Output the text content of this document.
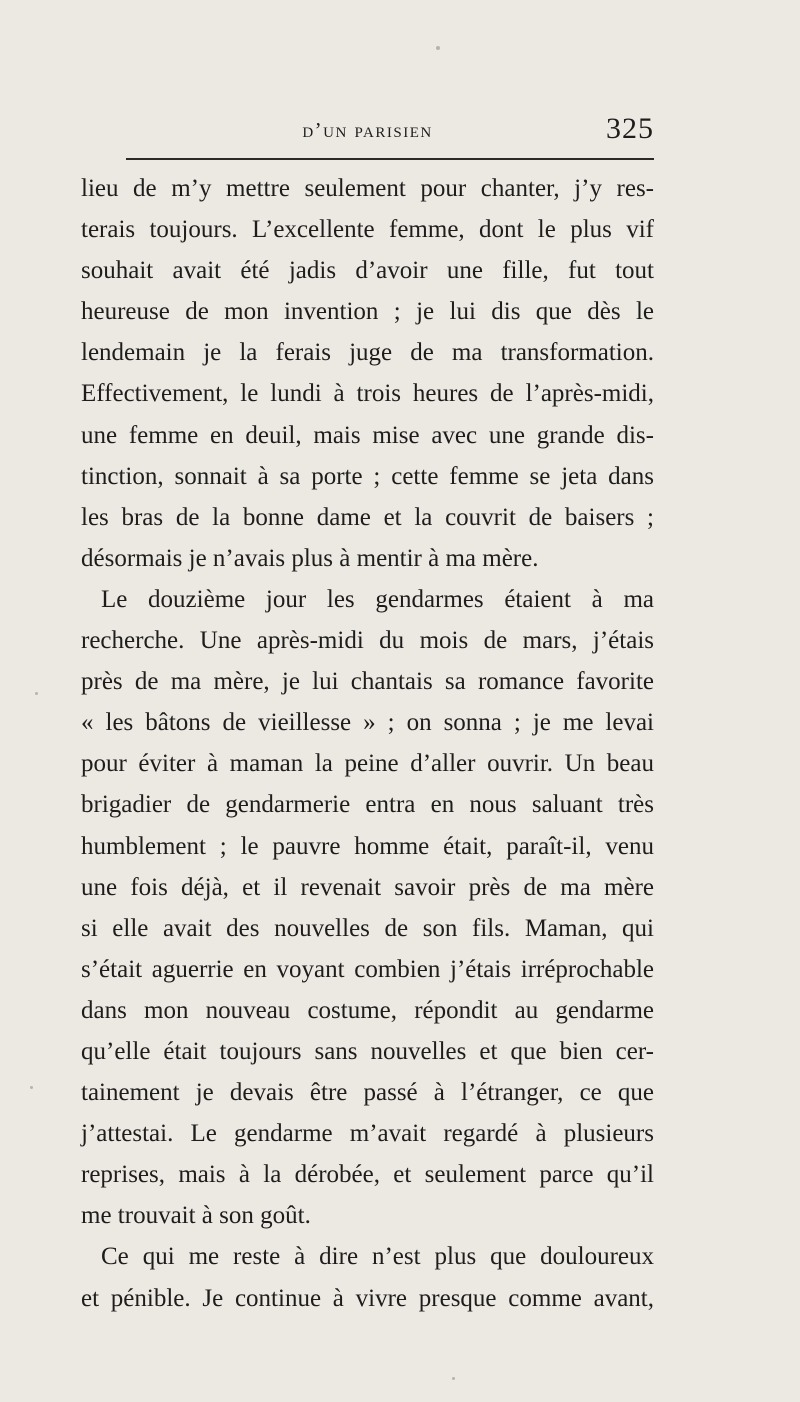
d’un parisien	325
lieu de m’y mettre seulement pour chanter, j’y res-
terais toujours. L’excellente femme, dont le plus vif
souhait avait été jadis d’avoir une fille, fut tout
heureuse de mon invention ; je lui dis que dès le
lendemain je la ferais juge de ma transformation.
Effectivement, le lundi à trois heures de l’après-midi,
une femme en deuil, mais mise avec une grande dis-
tinction, sonnait à sa porte ; cette femme se jeta dans
les bras de la bonne dame et la couvrit de baisers ;
désormais je n’avais plus à mentir à ma mère.
Le douzième jour les gendarmes étaient à ma
recherche. Une après-midi du mois de mars, j’étais
près de ma mère, je lui chantais sa romance favorite
« les bâtons de vieillesse » ; on sonna ; je me levai
pour éviter à maman la peine d’aller ouvrir. Un beau
brigadier de gendarmerie entra en nous saluant très
humblement ; le pauvre homme était, paraît-il, venu
une fois déjà, et il revenait savoir près de ma mère
si elle avait des nouvelles de son fils. Maman, qui
s’était aguerrie en voyant combien j’étais irréprochable
dans mon nouveau costume, répondit au gendarme
qu’elle était toujours sans nouvelles et que bien cer-
tainement je devais être passé à l’étranger, ce que
j’attestai. Le gendarme m’avait regardé à plusieurs
reprises, mais à la dérobée, et seulement parce qu’il
me trouvait à son goût.
Ce qui me reste à dire n’est plus que douloureux
et pénible. Je continue à vivre presque comme avant,
